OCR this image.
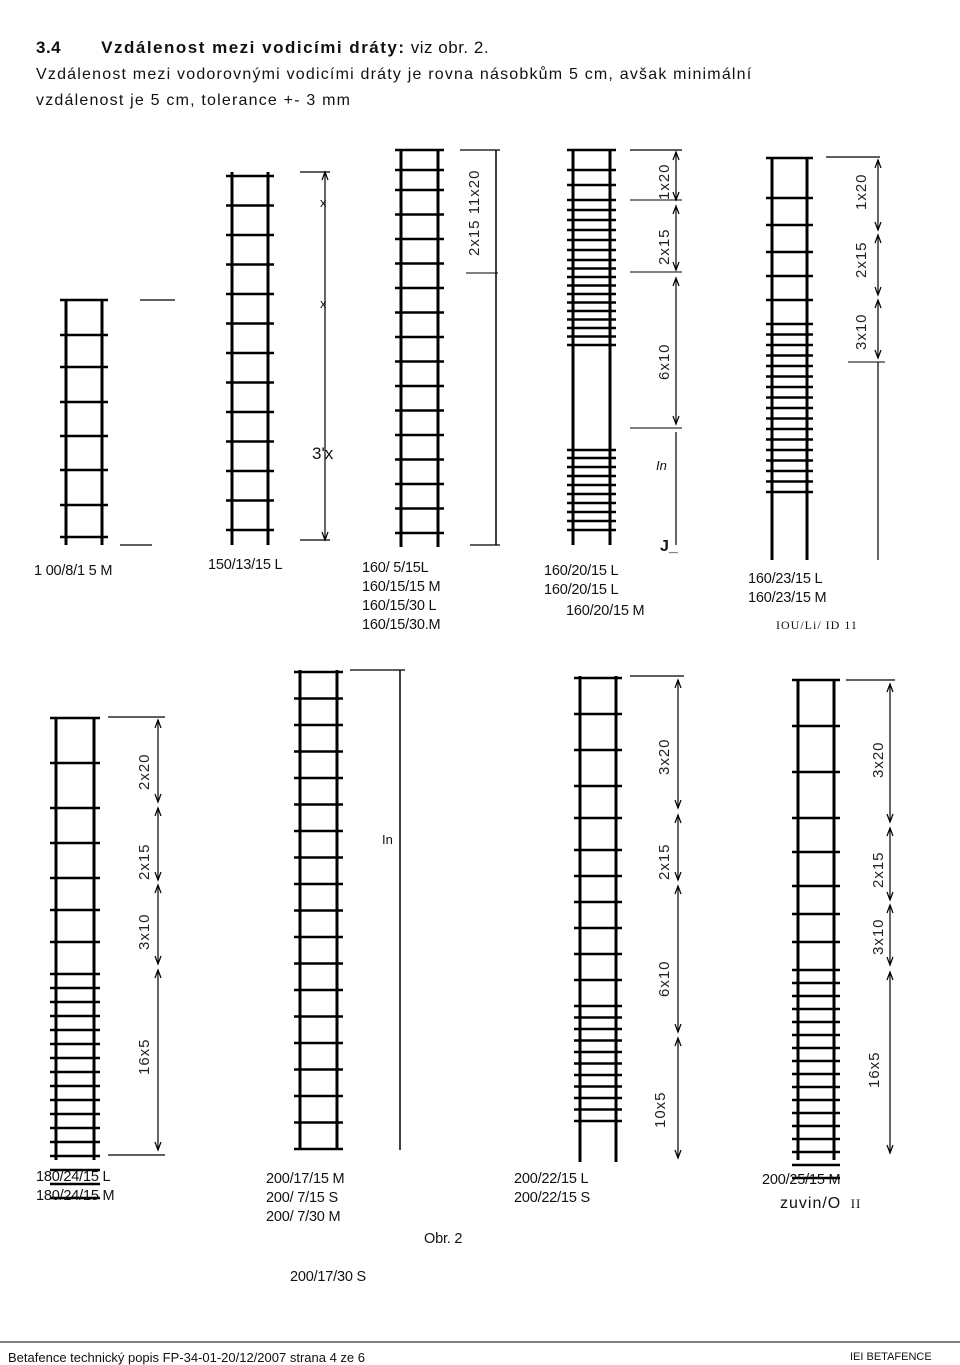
3.4 Vzdálenost mezi vodicími dráty: viz obr. 2.
Vzdálenost mezi vodorovnými vodicími dráty je rovna násobkům 5 cm, avšak minimální
vzdálenost je 5 cm, tolerance +- 3 mm
x
x
3'x
2x15 11x20	1x20
2x15
6x10
In
J_
1x20
2x15
3x10
2x20
2x15
3x10
16x5
In
3x20
2x15
6x10
10x5
3x20
2x15
3x10
16x5
1 00/8/1 5 M	150/13/15 L	160/ 5/15L
160/15/15 M
160/15/30 L
160/15/30.M
160/20/15 L
160/20/15 L
160/20/15 M
160/23/15 L
160/23/15 M
IOU/Li/ ID 11
180/24/15 L
180/24/15 M
200/17/15 M
200/ 7/15 S
200/ 7/30 M
200/17/30 S
200/22/15 L
200/22/15 S
200/25/15 M
zuvin/O II
Obr. 2
Betafence technický popis FP-34-01-20/12/2007 strana 4 ze 6	IEI BETAFENCE
